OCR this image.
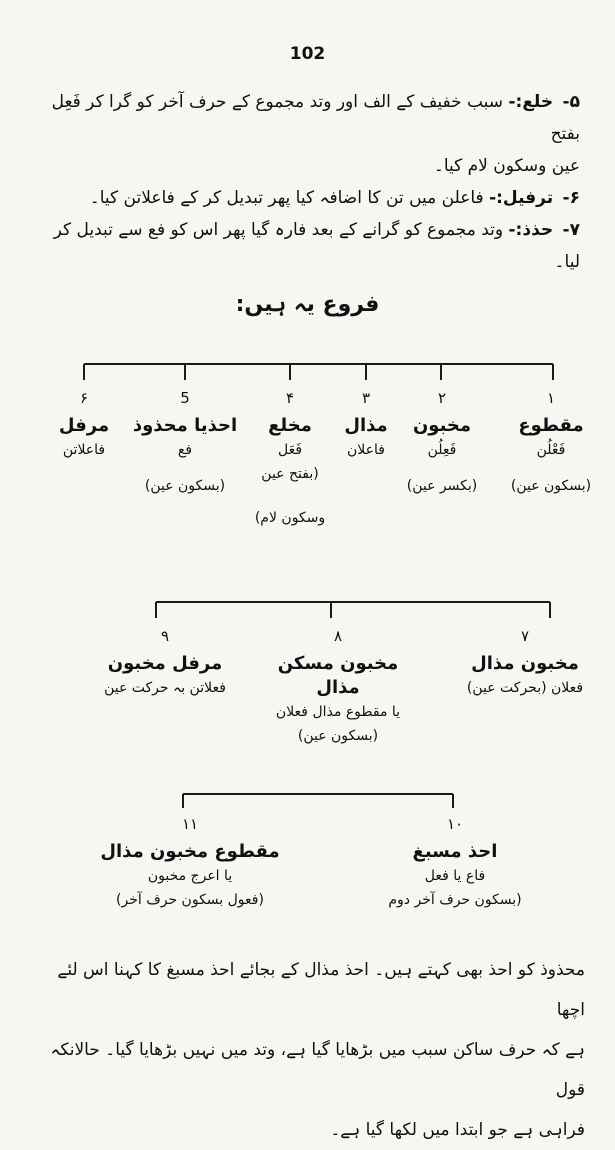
102

۵- خلع:- سبب خفیف کے الف اور وتد مجموع کے حرف آخر کو گرا کر فَعِل بفتح

عین وسکون لام کیا۔

۶- ترفیل:- فاعلن میں تن کا اضافہ کیا پھر تبدیل کر کے فاعلاتن کیا۔

۷- حذذ:- وتد مجموع کو گرانے کے بعد فارہ گیا پھر اس کو فع سے تبدیل کر لیا۔

فروع یہ ہیں:
۱
مقطوع
فَعْلُن
(بسکون عین)
۲
مخبون
فَعِلُن
(بکسر عین)
۳
مذال
فاعلان
۴
مخلع
فَعَل
(بفتح عین
وسکون لام)
5
احذیا محذوذ
فع
(بسکون عین)
۶
مرفل
فاعلاتن
۷
مخبون مذال
فعلان (بحرکت عین)
۸
مخبون مسکن مذال
یا مقطوع مذال فعلان
(بسکون عین)
۹
مرفل مخبون
فعلاتن بہ حرکت عین
۱۰
احذ مسبغ
فاع یا فعل
(بسکون حرف آخر دوم
۱۱
مقطوع مخبون مذال
یا اعرج مخبون
(فعول بسکون حرف آخر)

محذوذ کو احذ بھی کہتے ہیں۔ احذ مذال کے بجائے احذ مسبغ کا کہنا اس لئے اچھا

ہے کہ حرف ساکن سبب میں بڑھایا گیا ہے، وتد میں نہیں بڑھایا گیا۔ حالانکہ قول

فراہی ہے جو ابتدا میں لکھا گیا ہے۔
